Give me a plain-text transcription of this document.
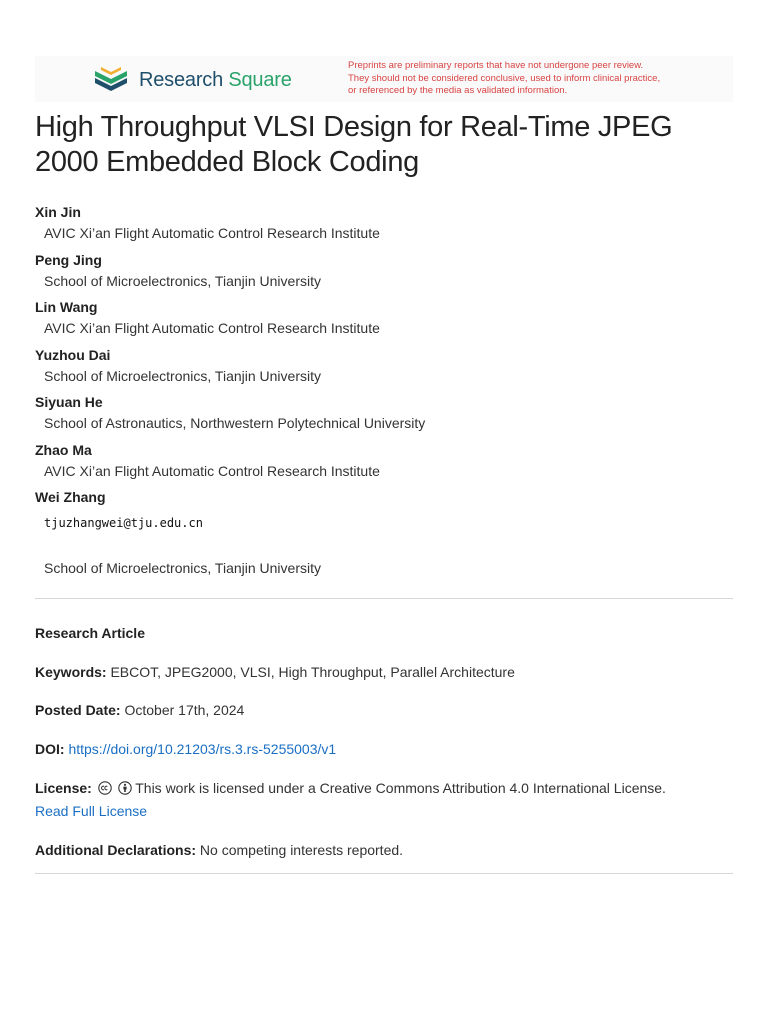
Research Square
Preprints are preliminary reports that have not undergone peer review.
They should not be considered conclusive, used to inform clinical practice,
or referenced by the media as validated information.
High Throughput VLSI Design for Real-Time JPEG 2000 Embedded Block Coding
Xin Jin
AVIC Xi’an Flight Automatic Control Research Institute
Peng Jing
School of Microelectronics, Tianjin University
Lin Wang
AVIC Xi’an Flight Automatic Control Research Institute
Yuzhou Dai
School of Microelectronics, Tianjin University
Siyuan He
School of Astronautics, Northwestern Polytechnical University
Zhao Ma
AVIC Xi’an Flight Automatic Control Research Institute
Wei Zhang
tjuzhangwei@tju.edu.cn
School of Microelectronics, Tianjin University
Research Article
Keywords: EBCOT, JPEG2000, VLSI, High Throughput, Parallel Architecture
Posted Date: October 17th, 2024
DOI: https://doi.org/10.21203/rs.3.rs-5255003/v1
License:	This work is licensed under a Creative Commons Attribution 4.0 International License.
Read Full License
Additional Declarations: No competing interests reported.
